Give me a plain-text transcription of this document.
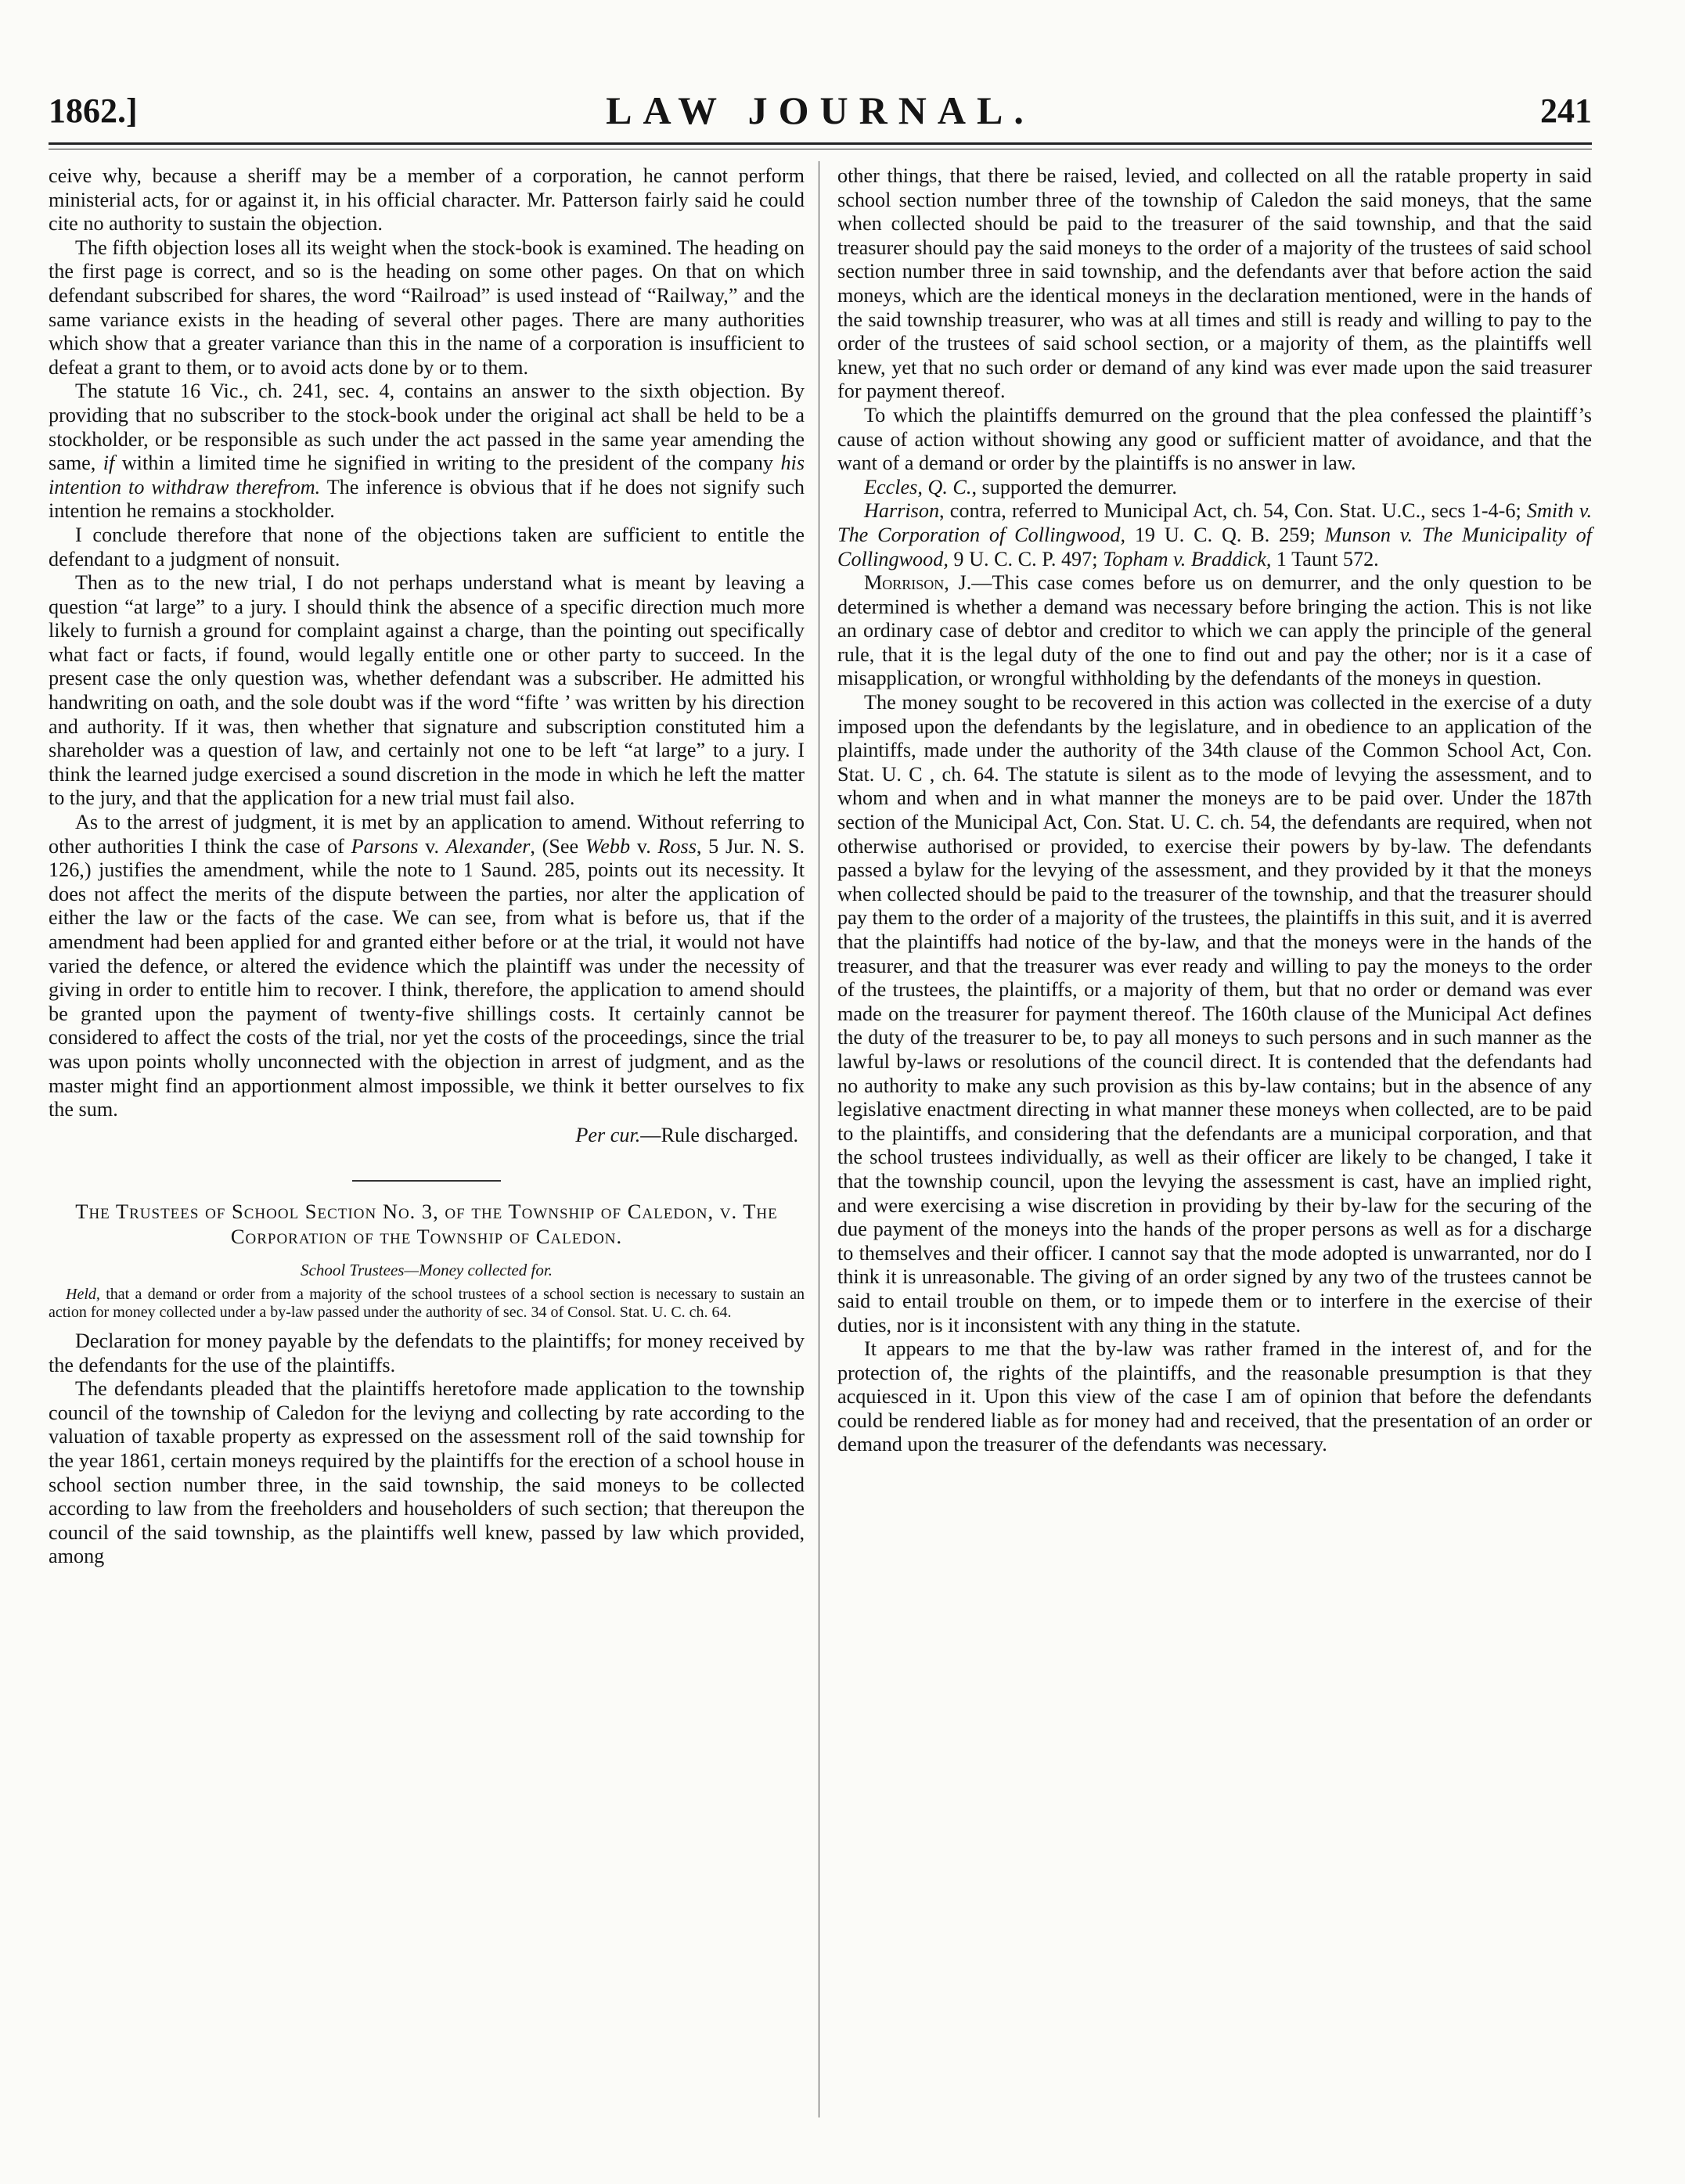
1862.]	LAW JOURNAL.	241

ceive why, because a sheriff may be a member of a corporation, he cannot perform ministerial acts, for or against it, in his official character. Mr. Patterson fairly said he could cite no authority to sustain the objection.

The fifth objection loses all its weight when the stock-book is examined. The heading on the first page is correct, and so is the heading on some other pages. On that on which defendant subscribed for shares, the word “Railroad” is used instead of “Railway,” and the same variance exists in the heading of several other pages. There are many authorities which show that a greater variance than this in the name of a corporation is insufficient to defeat a grant to them, or to avoid acts done by or to them.

The statute 16 Vic., ch. 241, sec. 4, contains an answer to the sixth objection. By providing that no subscriber to the stock-book under the original act shall be held to be a stockholder, or be responsible as such under the act passed in the same year amending the same, if within a limited time he signified in writing to the president of the company his intention to withdraw therefrom. The inference is obvious that if he does not signify such intention he remains a stockholder.

I conclude therefore that none of the objections taken are sufficient to entitle the defendant to a judgment of nonsuit.

Then as to the new trial, I do not perhaps understand what is meant by leaving a question “at large” to a jury. I should think the absence of a specific direction much more likely to furnish a ground for complaint against a charge, than the pointing out specifically what fact or facts, if found, would legally entitle one or other party to succeed. In the present case the only question was, whether defendant was a subscriber. He admitted his handwriting on oath, and the sole doubt was if the word “fifte ’ was written by his direction and authority. If it was, then whether that signature and subscription constituted him a shareholder was a question of law, and certainly not one to be left “at large” to a jury. I think the learned judge exercised a sound discretion in the mode in which he left the matter to the jury, and that the application for a new trial must fail also.

As to the arrest of judgment, it is met by an application to amend. Without referring to other authorities I think the case of Parsons v. Alexander, (See Webb v. Ross, 5 Jur. N. S. 126,) justifies the amendment, while the note to 1 Saund. 285, points out its necessity. It does not affect the merits of the dispute between the parties, nor alter the application of either the law or the facts of the case. We can see, from what is before us, that if the amendment had been applied for and granted either before or at the trial, it would not have varied the defence, or altered the evidence which the plaintiff was under the necessity of giving in order to entitle him to recover. I think, therefore, the application to amend should be granted upon the payment of twenty-five shillings costs. It certainly cannot be considered to affect the costs of the trial, nor yet the costs of the proceedings, since the trial was upon points wholly unconnected with the objection in arrest of judgment, and as the master might find an apportionment almost impossible, we think it better ourselves to fix the sum.

Per cur.—Rule discharged.

The Trustees of School Section No. 3, of the Township of Caledon, v. The Corporation of the Township of Caledon.

School Trustees—Money collected for.

Held, that a demand or order from a majority of the school trustees of a school section is necessary to sustain an action for money collected under a by-law passed under the authority of sec. 34 of Consol. Stat. U. C. ch. 64.

Declaration for money payable by the defendats to the plaintiffs; for money received by the defendants for the use of the plaintiffs.

The defendants pleaded that the plaintiffs heretofore made application to the township council of the township of Caledon for the leviyng and collecting by rate according to the valuation of taxable property as expressed on the assessment roll of the said township for the year 1861, certain moneys required by the plaintiffs for the erection of a school house in school section number three, in the said township, the said moneys to be collected according to law from the freeholders and householders of such section; that thereupon the council of the said township, as the plaintiffs well knew, passed by law which provided, among

other things, that there be raised, levied, and collected on all the ratable property in said school section number three of the township of Caledon the said moneys, that the same when collected should be paid to the treasurer of the said township, and that the said treasurer should pay the said moneys to the order of a majority of the trustees of said school section number three in said township, and the defendants aver that before action the said moneys, which are the identical moneys in the declaration mentioned, were in the hands of the said township treasurer, who was at all times and still is ready and willing to pay to the order of the trustees of said school section, or a majority of them, as the plaintiffs well knew, yet that no such order or demand of any kind was ever made upon the said treasurer for payment thereof.

To which the plaintiffs demurred on the ground that the plea confessed the plaintiff’s cause of action without showing any good or sufficient matter of avoidance, and that the want of a demand or order by the plaintiffs is no answer in law.

Eccles, Q. C., supported the demurrer.

Harrison, contra, referred to Municipal Act, ch. 54, Con. Stat. U.C., secs 1-4-6; Smith v. The Corporation of Collingwood, 19 U. C. Q. B. 259; Munson v. The Municipality of Collingwood, 9 U. C. C. P. 497; Topham v. Braddick, 1 Taunt 572.

Morrison, J.—This case comes before us on demurrer, and the only question to be determined is whether a demand was necessary before bringing the action. This is not like an ordinary case of debtor and creditor to which we can apply the principle of the general rule, that it is the legal duty of the one to find out and pay the other; nor is it a case of misapplication, or wrongful withholding by the defendants of the moneys in question.

The money sought to be recovered in this action was collected in the exercise of a duty imposed upon the defendants by the legislature, and in obedience to an application of the plaintiffs, made under the authority of the 34th clause of the Common School Act, Con. Stat. U. C , ch. 64. The statute is silent as to the mode of levying the assessment, and to whom and when and in what manner the moneys are to be paid over. Under the 187th section of the Municipal Act, Con. Stat. U. C. ch. 54, the defendants are required, when not otherwise authorised or provided, to exercise their powers by by-law. The defendants passed a bylaw for the levying of the assessment, and they provided by it that the moneys when collected should be paid to the treasurer of the township, and that the treasurer should pay them to the order of a majority of the trustees, the plaintiffs in this suit, and it is averred that the plaintiffs had notice of the by-law, and that the moneys were in the hands of the treasurer, and that the treasurer was ever ready and willing to pay the moneys to the order of the trustees, the plaintiffs, or a majority of them, but that no order or demand was ever made on the treasurer for payment thereof. The 160th clause of the Municipal Act defines the duty of the treasurer to be, to pay all moneys to such persons and in such manner as the lawful by-laws or resolutions of the council direct. It is contended that the defendants had no authority to make any such provision as this by-law contains; but in the absence of any legislative enactment directing in what manner these moneys when collected, are to be paid to the plaintiffs, and considering that the defendants are a municipal corporation, and that the school trustees individually, as well as their officer are likely to be changed, I take it that the township council, upon the levying the assessment is cast, have an implied right, and were exercising a wise discretion in providing by their by-law for the securing of the due payment of the moneys into the hands of the proper persons as well as for a discharge to themselves and their officer. I cannot say that the mode adopted is unwarranted, nor do I think it is unreasonable. The giving of an order signed by any two of the trustees cannot be said to entail trouble on them, or to impede them or to interfere in the exercise of their duties, nor is it inconsistent with any thing in the statute.

It appears to me that the by-law was rather framed in the interest of, and for the protection of, the rights of the plaintiffs, and the reasonable presumption is that they acquiesced in it. Upon this view of the case I am of opinion that before the defendants could be rendered liable as for money had and received, that the presentation of an order or demand upon the treasurer of the defendants was necessary.
